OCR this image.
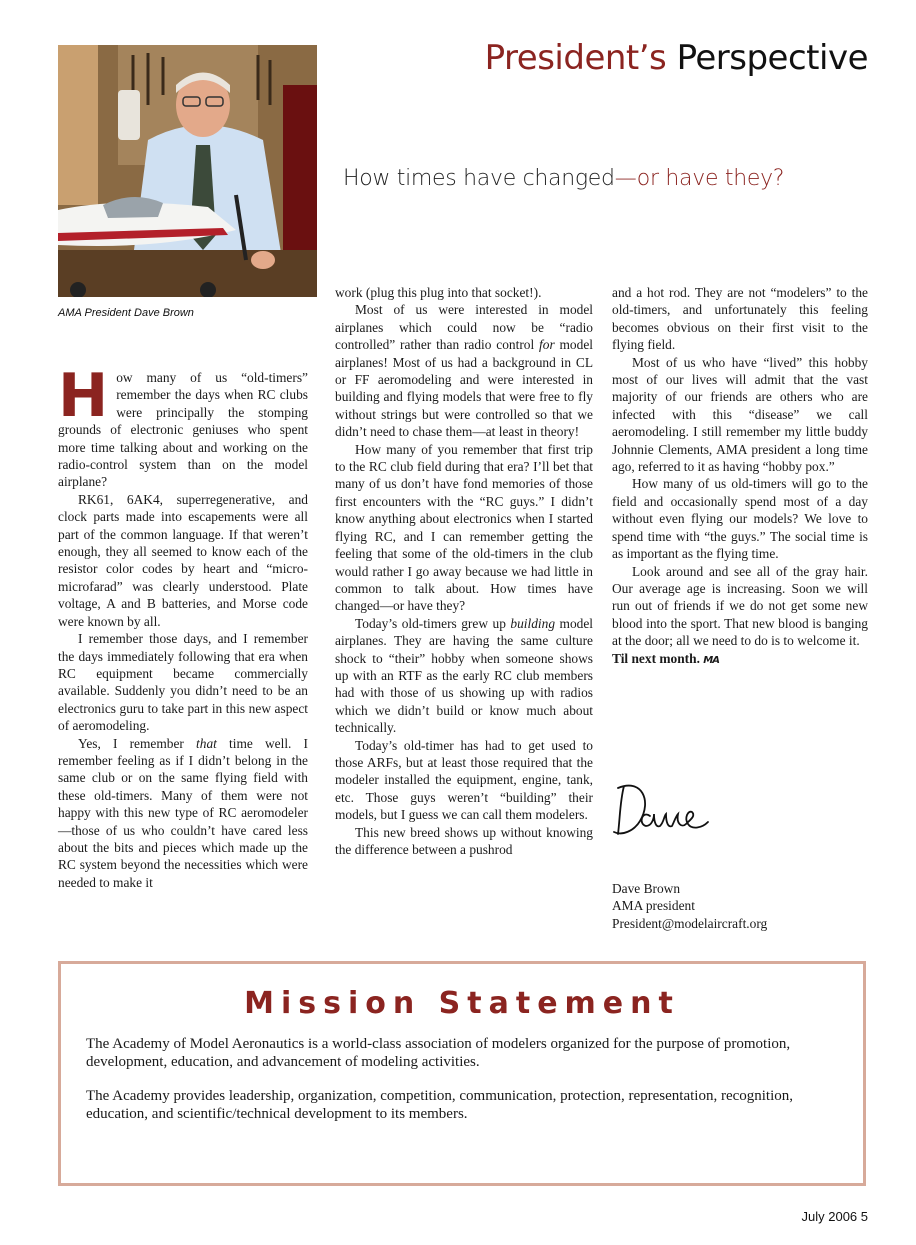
President’s Perspective
How times have changed—or have they?
AMA President Dave Brown

How many of us “old-timers” remember the days when RC clubs were principally the stomping grounds of electronic geniuses who spent more time talking about and working on the radio-control system than on the model airplane?

RK61, 6AK4, superregenerative, and clock parts made into escapements were all part of the common language. If that weren’t enough, they all seemed to know each of the resistor color codes by heart and “micro-microfarad” was clearly understood. Plate voltage, A and B batteries, and Morse code were known by all.

I remember those days, and I remember the days immediately following that era when RC equipment became commercially available. Suddenly you didn’t need to be an electronics guru to take part in this new aspect of aeromodeling.

Yes, I remember that time well. I remember feeling as if I didn’t belong in the same club or on the same flying field with these old-timers. Many of them were not happy with this new type of RC aeromodeler—those of us who couldn’t have cared less about the bits and pieces which made up the RC system beyond the necessities which were needed to make it

work (plug this plug into that socket!).

Most of us were interested in model airplanes which could now be “radio controlled” rather than radio control for model airplanes! Most of us had a background in CL or FF aeromodeling and were interested in building and flying models that were free to fly without strings but were controlled so that we didn’t need to chase them—at least in theory!

How many of you remember that first trip to the RC club field during that era? I’ll bet that many of us don’t have fond memories of those first encounters with the “RC guys.” I didn’t know anything about electronics when I started flying RC, and I can remember getting the feeling that some of the old-timers in the club would rather I go away because we had little in common to talk about. How times have changed—or have they?

Today’s old-timers grew up building model airplanes. They are having the same culture shock to “their” hobby when someone shows up with an RTF as the early RC club members had with those of us showing up with radios which we didn’t build or know much about technically.

Today’s old-timer has had to get used to those ARFs, but at least those required that the modeler installed the equipment, engine, tank, etc. Those guys weren’t “building” their models, but I guess we can call them modelers.

This new breed shows up without knowing the difference between a pushrod

and a hot rod. They are not “modelers” to the old-timers, and unfortunately this feeling becomes obvious on their first visit to the flying field.

Most of us who have “lived” this hobby most of our lives will admit that the vast majority of our friends are others who are infected with this “disease” we call aeromodeling. I still remember my little buddy Johnnie Clements, AMA president a long time ago, referred to it as having “hobby pox.”

How many of us old-timers will go to the field and occasionally spend most of a day without even flying our models? We love to spend time with “the guys.” The social time is as important as the flying time.

Look around and see all of the gray hair. Our average age is increasing. Soon we will run out of friends if we do not get some new blood into the sport. That new blood is banging at the door; all we need to do is to welcome it.

Til next month. MA

Dave Brown
AMA president
President@modelaircraft.org
Mission Statement
The Academy of Model Aeronautics is a world-class association of modelers organized for the purpose of promotion, development, education, and advancement of modeling activities.
The Academy provides leadership, organization, competition, communication, protection, representation, recognition, education, and scientific/technical development to its members.
July 2006 5
